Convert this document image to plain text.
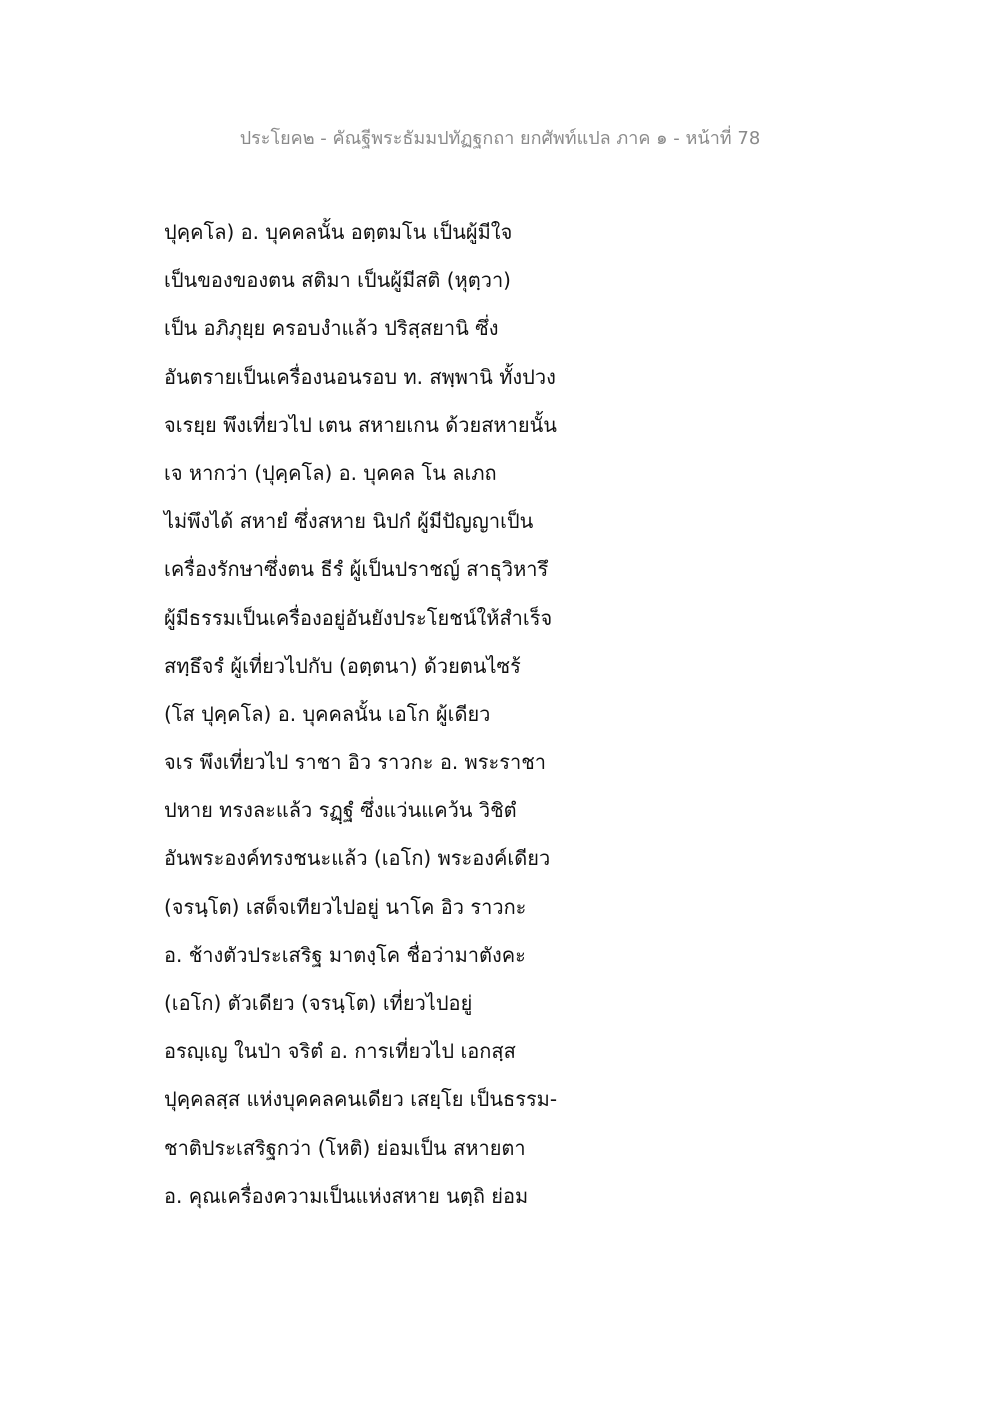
ประโยค๒ - คัณฐีพระธัมมปทัฏฐกถา ยกศัพท์แปล ภาค ๑ - หน้าที่ 78
ปุคฺคโล) อ. บุคคลนั้น อตฺตมโน เป็นผู้มีใจ
เป็นของของตน สติมา เป็นผู้มีสติ (หุตฺวา)
เป็น อภิภุยฺย ครอบงำแล้ว ปริสฺสยานิ ซึ่ง
อันตรายเป็นเครื่องนอนรอบ ท. สพฺพานิ ทั้งปวง
จเรยฺย พึงเที่ยวไป เตน สหายเกน ด้วยสหายนั้น
เจ หากว่า (ปุคฺคโล) อ. บุคคล โน ลเภถ
ไม่พึงได้ สหายํ ซึ่งสหาย นิปกํ ผู้มีปัญญาเป็น
เครื่องรักษาซึ่งตน ธีรํ ผู้เป็นปราชญ์ สาธุวิหารึ
ผู้มีธรรมเป็นเครื่องอยู่อันยังประโยชน์ให้สำเร็จ
สทฺธึจรํ ผู้เที่ยวไปกับ (อตฺตนา) ด้วยตนไซร้
(โส ปุคฺคโล) อ. บุคคลนั้น เอโก ผู้เดียว
จเร พึงเที่ยวไป ราชา อิว ราวกะ อ. พระราชา
ปหาย ทรงละแล้ว รฏฺฐํ ซึ่งแว่นแคว้น วิชิตํ
อันพระองค์ทรงชนะแล้ว (เอโก) พระองค์เดียว
(จรนฺโต) เสด็จเทียวไปอยู่ นาโค อิว ราวกะ
อ. ช้างตัวประเสริฐ มาตงฺโค ชื่อว่ามาตังคะ
(เอโก) ตัวเดียว (จรนฺโต) เที่ยวไปอยู่
อรญฺเญ ในป่า จริตํ อ. การเที่ยวไป เอกสฺส
ปุคฺคลสฺส แห่งบุคคลคนเดียว เสยฺโย เป็นธรรม-
ชาติประเสริฐกว่า (โหติ) ย่อมเป็น สหายตา
อ. คุณเครื่องความเป็นแห่งสหาย นตฺถิ ย่อม
